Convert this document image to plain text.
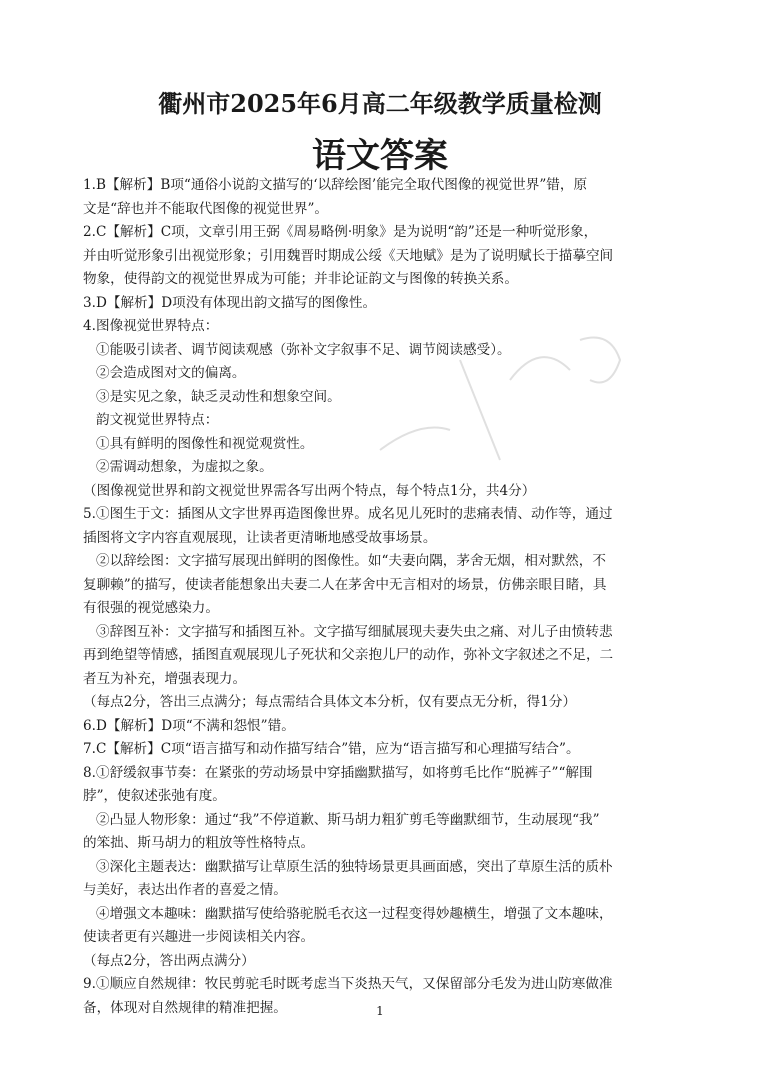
衢州市2025年6月高二年级教学质量检测
语文答案

1.B【解析】B项“通俗小说韵文描写的‘以辞绘图’能完全取代图像的视觉世界”错，原

文是“辞也并不能取代图像的视觉世界”。

2.C【解析】C项，文章引用王弼《周易略例·明象》是为说明“韵”还是一种听觉形象，

并由听觉形象引出视觉形象；引用魏晋时期成公绥《天地赋》是为了说明赋长于描摹空间

物象，使得韵文的视觉世界成为可能；并非论证韵文与图像的转换关系。

3.D【解析】D项没有体现出韵文描写的图像性。

4.图像视觉世界特点：

①能吸引读者、调节阅读观感（弥补文字叙事不足、调节阅读感受）。

②会造成图对文的偏离。

③是实见之象，缺乏灵动性和想象空间。

韵文视觉世界特点：

①具有鲜明的图像性和视觉观赏性。

②需调动想象，为虚拟之象。

（图像视觉世界和韵文视觉世界需各写出两个特点，每个特点1分，共4分）

5.①图生于文：插图从文字世界再造图像世界。成名见儿死时的悲痛表情、动作等，通过

插图将文字内容直观展现，让读者更清晰地感受故事场景。

②以辞绘图：文字描写展现出鲜明的图像性。如“夫妻向隅，茅舍无烟，相对默然，不

复聊赖”的描写，使读者能想象出夫妻二人在茅舍中无言相对的场景，仿佛亲眼目睹，具

有很强的视觉感染力。

③辞图互补：文字描写和插图互补。文字描写细腻展现夫妻失虫之痛、对儿子由愤转悲

再到绝望等情感，插图直观展现儿子死状和父亲抱儿尸的动作，弥补文字叙述之不足，二

者互为补充，增强表现力。

（每点2分，答出三点满分；每点需结合具体文本分析，仅有要点无分析，得1分）

6.D【解析】D项“不满和怨恨”错。

7.C【解析】C项“语言描写和动作描写结合”错，应为“语言描写和心理描写结合”。

8.①舒缓叙事节奏：在紧张的劳动场景中穿插幽默描写，如将剪毛比作“脱裤子”“解围

脖”，使叙述张弛有度。

②凸显人物形象：通过“我”不停道歉、斯马胡力粗犷剪毛等幽默细节，生动展现“我”

的笨拙、斯马胡力的粗放等性格特点。

③深化主题表达：幽默描写让草原生活的独特场景更具画面感，突出了草原生活的质朴

与美好，表达出作者的喜爱之情。

④增强文本趣味：幽默描写使给骆驼脱毛衣这一过程变得妙趣横生，增强了文本趣味，

使读者更有兴趣进一步阅读相关内容。

（每点2分，答出两点满分）

9.①顺应自然规律：牧民剪驼毛时既考虑当下炎热天气，又保留部分毛发为进山防寒做准

备，体现对自然规律的精准把握。	1
